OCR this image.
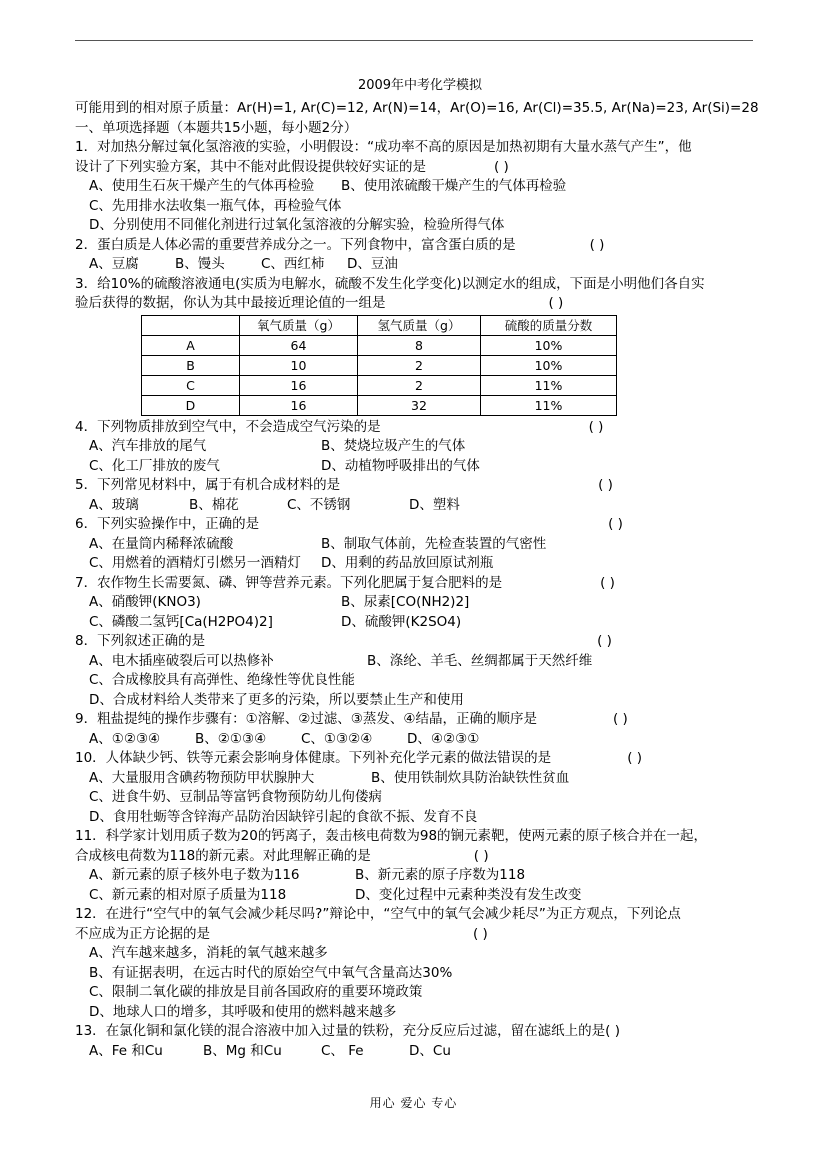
2009年中考化学模拟
可能用到的相对原子质量：Ar(H)=1, Ar(C)=12, Ar(N)=14，Ar(O)=16, Ar(Cl)=35.5, Ar(Na)=23, Ar(Si)=28
一、单项选择题（本题共15小题，每小题2分）
1．对加热分解过氧化氢溶液的实验，小明假设：“成功率不高的原因是加热初期有大量水蒸气产生”，他
设计了下列实验方案，其中不能对此假设提供较好实证的是	( )
A、使用生石灰干燥产生的气体再检验	B、使用浓硫酸干燥产生的气体再检验
C、先用排水法收集一瓶气体，再检验气体
D、分别使用不同催化剂进行过氧化氢溶液的分解实验，检验所得气体
2．蛋白质是人体必需的重要营养成分之一。下列食物中，富含蛋白质的是	( )
A、豆腐	B、馒头	C、西红柿	D、豆油
3．给10%的硫酸溶液通电(实质为电解水，硫酸不发生化学变化)以测定水的组成，下面是小明他们各自实
验后获得的数据，你认为其中最接近理论值的一组是	( )
	氧气质量（g）	氢气质量（g）	硫酸的质量分数
A	64	8	10%
B	10	2	10%
C	16	2	11%
D	16	32	11%
4．下列物质排放到空气中，不会造成空气污染的是	( )
A、汽车排放的尾气	B、焚烧垃圾产生的气体
C、化工厂排放的废气	D、动植物呼吸排出的气体
5．下列常见材料中，属于有机合成材料的是	( )
A、玻璃	B、棉花	C、不锈钢	D、塑料
6．下列实验操作中，正确的是	( )
A、在量筒内稀释浓硫酸	B、制取气体前，先检查装置的气密性
C、用燃着的酒精灯引燃另一酒精灯	D、用剩的药品放回原试剂瓶
7．农作物生长需要氮、磷、钾等营养元素。下列化肥属于复合肥料的是	( )
A、硝酸钾(KNO3)	B、尿素[CO(NH2)2]
C、磷酸二氢钙[Ca(H2PO4)2]	D、硫酸钾(K2SO4)
8．下列叙述正确的是	( )
A、电木插座破裂后可以热修补	B、涤纶、羊毛、丝绸都属于天然纤维
C、合成橡胶具有高弹性、绝缘性等优良性能
D、合成材料给人类带来了更多的污染，所以要禁止生产和使用
9．粗盐提纯的操作步骤有：①溶解、②过滤、③蒸发、④结晶，正确的顺序是	( )
A、①②③④	B、②①③④	C、①③②④	D、④②③①
10．人体缺少钙、铁等元素会影响身体健康。下列补充化学元素的做法错误的是	( )
A、大量服用含碘药物预防甲状腺肿大	B、使用铁制炊具防治缺铁性贫血
C、进食牛奶、豆制品等富钙食物预防幼儿佝偻病
D、食用牡蛎等含锌海产品防治因缺锌引起的食欲不振、发育不良
11．科学家计划用质子数为20的钙离子，轰击核电荷数为98的锎元素靶，使两元素的原子核合并在一起，
合成核电荷数为118的新元素。对此理解正确的是	( )
A、新元素的原子核外电子数为116	B、新元素的原子序数为118
C、新元素的相对原子质量为118	D、变化过程中元素种类没有发生改变
12．在进行“空气中的氧气会减少耗尽吗?”辩论中，“空气中的氧气会减少耗尽”为正方观点，下列论点
不应成为正方论据的是	( )
A、汽车越来越多，消耗的氧气越来越多
B、有证据表明，在远古时代的原始空气中氧气含量高达30%
C、限制二氧化碳的排放是目前各国政府的重要环境政策
D、地球人口的增多，其呼吸和使用的燃料越来越多
13．在氯化铜和氯化镁的混合溶液中加入过量的铁粉，充分反应后过滤，留在滤纸上的是( )
A、Fe 和Cu	B、Mg 和Cu	C、 Fe	D、Cu
用心 爱心 专心
